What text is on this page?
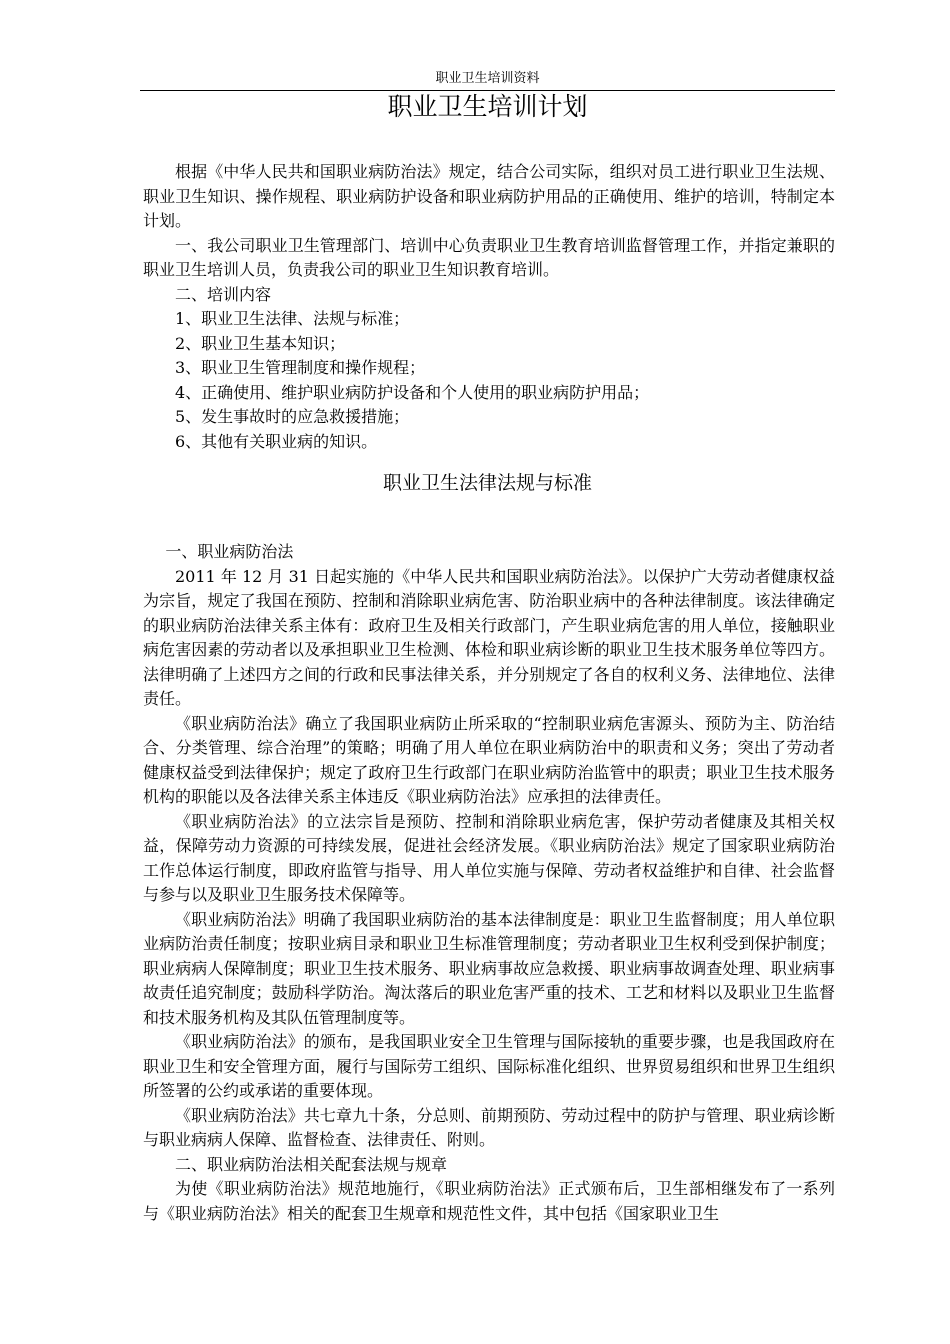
职业卫生培训资料
职业卫生培训计划

根据《中华人民共和国职业病防治法》规定，结合公司实际，组织对员工进行职业卫生法规、职业卫生知识、操作规程、职业病防护设备和职业病防护用品的正确使用、维护的培训，特制定本计划。

一、我公司职业卫生管理部门、培训中心负责职业卫生教育培训监督管理工作，并指定兼职的职业卫生培训人员，负责我公司的职业卫生知识教育培训。

二、培训内容

1、职业卫生法律、法规与标准；

2、职业卫生基本知识；

3、职业卫生管理制度和操作规程；

4、正确使用、维护职业病防护设备和个人使用的职业病防护用品；

5、发生事故时的应急救援措施；

6、其他有关职业病的知识。

职业卫生法律法规与标准

一、职业病防治法

2011 年 12 月 31 日起实施的《中华人民共和国职业病防治法》。以保护广大劳动者健康权益为宗旨，规定了我国在预防、控制和消除职业病危害、防治职业病中的各种法律制度。该法律确定的职业病防治法律关系主体有：政府卫生及相关行政部门，产生职业病危害的用人单位，接触职业病危害因素的劳动者以及承担职业卫生检测、体检和职业病诊断的职业卫生技术服务单位等四方。法律明确了上述四方之间的行政和民事法律关系，并分别规定了各自的权利义务、法律地位、法律责任。

《职业病防治法》确立了我国职业病防止所采取的“控制职业病危害源头、预防为主、防治结合、分类管理、综合治理”的策略；明确了用人单位在职业病防治中的职责和义务；突出了劳动者健康权益受到法律保护；规定了政府卫生行政部门在职业病防治监管中的职责；职业卫生技术服务机构的职能以及各法律关系主体违反《职业病防治法》应承担的法律责任。

《职业病防治法》的立法宗旨是预防、控制和消除职业病危害，保护劳动者健康及其相关权益，保障劳动力资源的可持续发展，促进社会经济发展。《职业病防治法》规定了国家职业病防治工作总体运行制度，即政府监管与指导、用人单位实施与保障、劳动者权益维护和自律、社会监督与参与以及职业卫生服务技术保障等。

《职业病防治法》明确了我国职业病防治的基本法律制度是：职业卫生监督制度；用人单位职业病防治责任制度；按职业病目录和职业卫生标准管理制度；劳动者职业卫生权利受到保护制度；职业病病人保障制度；职业卫生技术服务、职业病事故应急救援、职业病事故调查处理、职业病事故责任追究制度；鼓励科学防治。淘汰落后的职业危害严重的技术、工艺和材料以及职业卫生监督和技术服务机构及其队伍管理制度等。

《职业病防治法》的颁布，是我国职业安全卫生管理与国际接轨的重要步骤，也是我国政府在职业卫生和安全管理方面，履行与国际劳工组织、国际标准化组织、世界贸易组织和世界卫生组织所签署的公约或承诺的重要体现。

《职业病防治法》共七章九十条，分总则、前期预防、劳动过程中的防护与管理、职业病诊断与职业病病人保障、监督检查、法律责任、附则。

二、职业病防治法相关配套法规与规章

为使《职业病防治法》规范地施行，《职业病防治法》正式颁布后，卫生部相继发布了一系列与《职业病防治法》相关的配套卫生规章和规范性文件，其中包括《国家职业卫生
